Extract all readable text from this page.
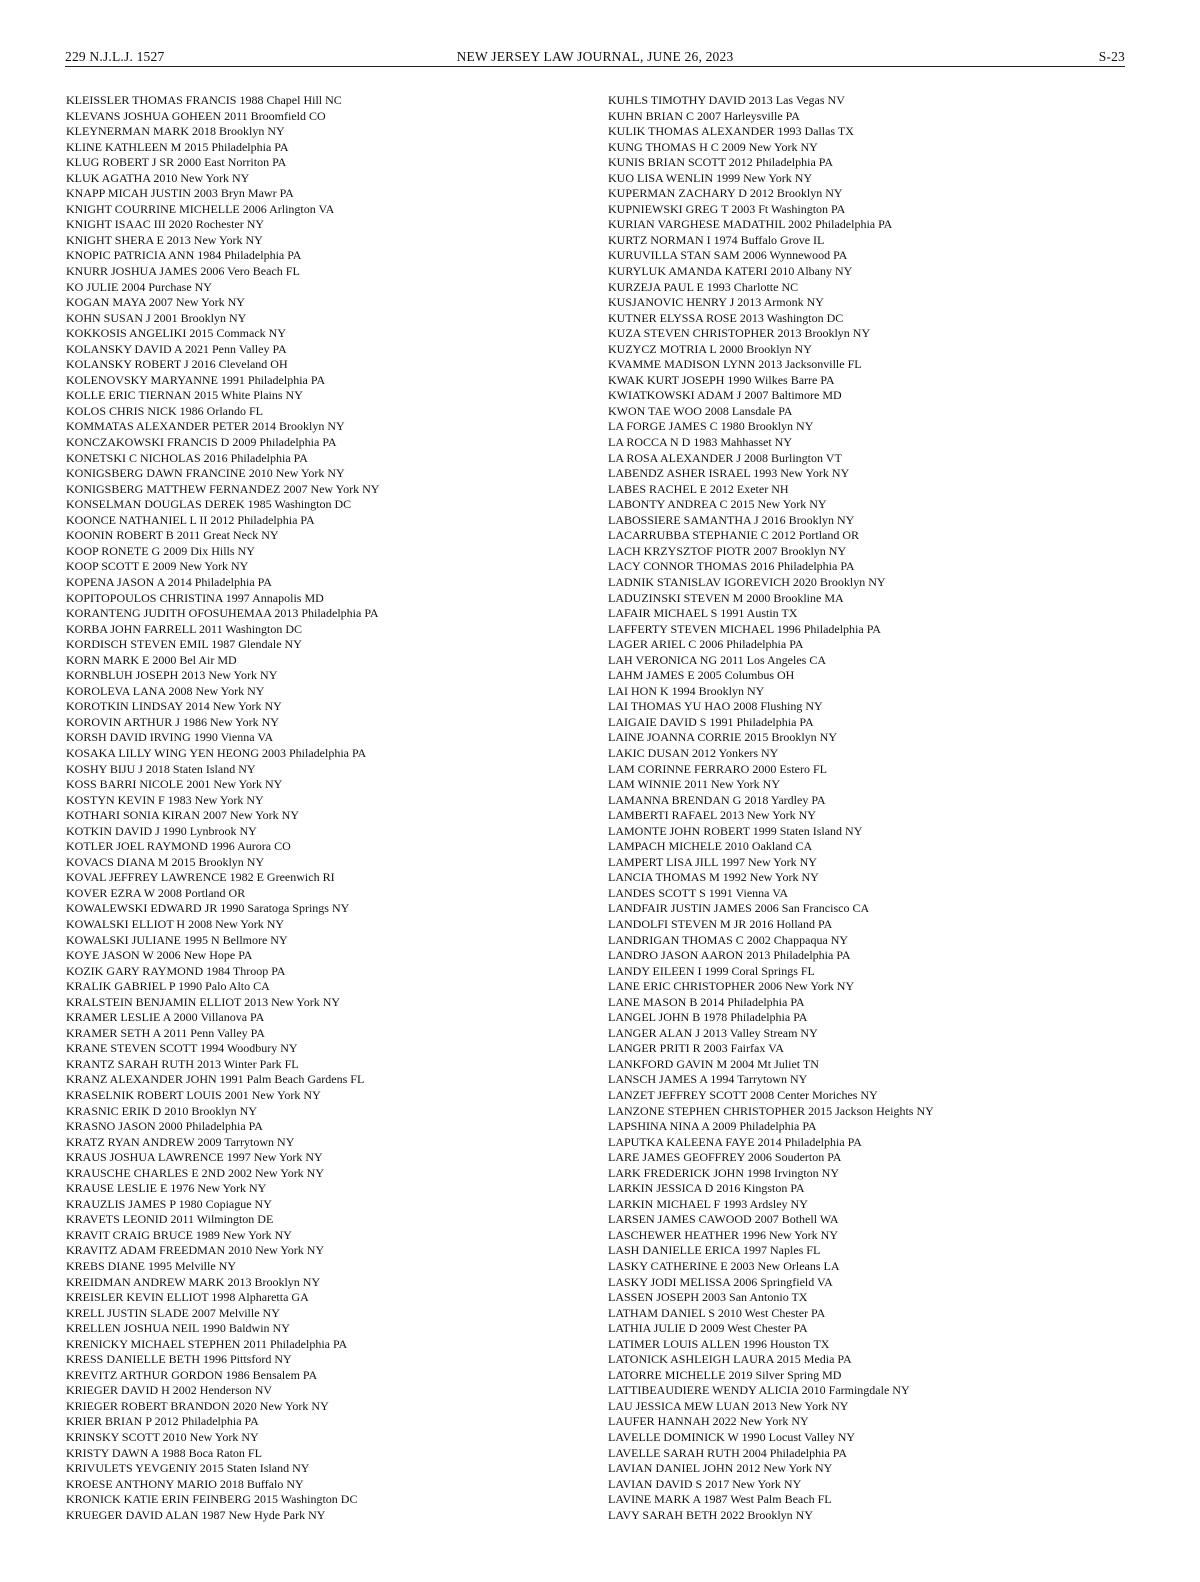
229 N.J.L.J. 1527	NEW JERSEY LAW JOURNAL, JUNE 26, 2023	S-23
KLEISSLER THOMAS FRANCIS 1988 Chapel Hill NC
KLEVANS JOSHUA GOHEEN 2011 Broomfield CO
KLEYNERMAN MARK 2018 Brooklyn NY
KLINE KATHLEEN M 2015 Philadelphia PA
KLUG ROBERT J SR 2000 East Norriton PA
KLUK AGATHA 2010 New York NY
KNAPP MICAH JUSTIN 2003 Bryn Mawr PA
KNIGHT COURRINE MICHELLE 2006 Arlington VA
KNIGHT ISAAC III 2020 Rochester NY
KNIGHT SHERA E 2013 New York NY
KNOPIC PATRICIA ANN 1984 Philadelphia PA
KNURR JOSHUA JAMES 2006 Vero Beach FL
KO JULIE 2004 Purchase NY
KOGAN MAYA 2007 New York NY
KOHN SUSAN J 2001 Brooklyn NY
KOKKOSIS ANGELIKI 2015 Commack NY
KOLANSKY DAVID A 2021 Penn Valley PA
KOLANSKY ROBERT J 2016 Cleveland OH
KOLENOVSKY MARYANNE 1991 Philadelphia PA
KOLLE ERIC TIERNAN 2015 White Plains NY
KOLOS CHRIS NICK 1986 Orlando FL
KOMMATAS ALEXANDER PETER 2014 Brooklyn NY
KONCZAKOWSKI FRANCIS D 2009 Philadelphia PA
KONETSKI C NICHOLAS 2016 Philadelphia PA
KONIGSBERG DAWN FRANCINE 2010 New York NY
KONIGSBERG MATTHEW FERNANDEZ 2007 New York NY
KONSELMAN DOUGLAS DEREK 1985 Washington DC
KOONCE NATHANIEL L II 2012 Philadelphia PA
KOONIN ROBERT B 2011 Great Neck NY
KOOP RONETE G 2009 Dix Hills NY
KOOP SCOTT E 2009 New York NY
KOPENA JASON A 2014 Philadelphia PA
KOPITOPOULOS CHRISTINA 1997 Annapolis MD
KORANTENG JUDITH OFOSUHEMAA 2013 Philadelphia PA
KORBA JOHN FARRELL 2011 Washington DC
KORDISCH STEVEN EMIL 1987 Glendale NY
KORN MARK E 2000 Bel Air MD
KORNBLUH JOSEPH 2013 New York NY
KOROLEVA LANA 2008 New York NY
KOROTKIN LINDSAY 2014 New York NY
KOROVIN ARTHUR J 1986 New York NY
KORSH DAVID IRVING 1990 Vienna VA
KOSAKA LILLY WING YEN HEONG 2003 Philadelphia PA
KOSHY BIJU J 2018 Staten Island NY
KOSS BARRI NICOLE 2001 New York NY
KOSTYN KEVIN F 1983 New York NY
KOTHARI SONIA KIRAN 2007 New York NY
KOTKIN DAVID J 1990 Lynbrook NY
KOTLER JOEL RAYMOND 1996 Aurora CO
KOVACS DIANA M 2015 Brooklyn NY
KOVAL JEFFREY LAWRENCE 1982 E Greenwich RI
KOVER EZRA W 2008 Portland OR
KOWALEWSKI EDWARD JR 1990 Saratoga Springs NY
KOWALSKI ELLIOT H 2008 New York NY
KOWALSKI JULIANE 1995 N Bellmore NY
KOYE JASON W 2006 New Hope PA
KOZIK GARY RAYMOND 1984 Throop PA
KRALIK GABRIEL P 1990 Palo Alto CA
KRALSTEIN BENJAMIN ELLIOT 2013 New York NY
KRAMER LESLIE A 2000 Villanova PA
KRAMER SETH A 2011 Penn Valley PA
KRANE STEVEN SCOTT 1994 Woodbury NY
KRANTZ SARAH RUTH 2013 Winter Park FL
KRANZ ALEXANDER JOHN 1991 Palm Beach Gardens FL
KRASELNIK ROBERT LOUIS 2001 New York NY
KRASNIC ERIK D 2010 Brooklyn NY
KRASNO JASON 2000 Philadelphia PA
KRATZ RYAN ANDREW 2009 Tarrytown NY
KRAUS JOSHUA LAWRENCE 1997 New York NY
KRAUSCHE CHARLES E 2ND 2002 New York NY
KRAUSE LESLIE E 1976 New York NY
KRAUZLIS JAMES P 1980 Copiague NY
KRAVETS LEONID 2011 Wilmington DE
KRAVIT CRAIG BRUCE 1989 New York NY
KRAVITZ ADAM FREEDMAN 2010 New York NY
KREBS DIANE 1995 Melville NY
KREIDMAN ANDREW MARK 2013 Brooklyn NY
KREISLER KEVIN ELLIOT 1998 Alpharetta GA
KRELL JUSTIN SLADE 2007 Melville NY
KRELLEN JOSHUA NEIL 1990 Baldwin NY
KRENICKY MICHAEL STEPHEN 2011 Philadelphia PA
KRESS DANIELLE BETH 1996 Pittsford NY
KREVITZ ARTHUR GORDON 1986 Bensalem PA
KRIEGER DAVID H 2002 Henderson NV
KRIEGER ROBERT BRANDON 2020 New York NY
KRIER BRIAN P 2012 Philadelphia PA
KRINSKY SCOTT 2010 New York NY
KRISTY DAWN A 1988 Boca Raton FL
KRIVULETS YEVGENIY 2015 Staten Island NY
KROESE ANTHONY MARIO 2018 Buffalo NY
KRONICK KATIE ERIN FEINBERG 2015 Washington DC
KRUEGER DAVID ALAN 1987 New Hyde Park NY
KUHLS TIMOTHY DAVID 2013 Las Vegas NV
KUHN BRIAN C 2007 Harleysville PA
KULIK THOMAS ALEXANDER 1993 Dallas TX
KUNG THOMAS H C 2009 New York NY
KUNIS BRIAN SCOTT 2012 Philadelphia PA
KUO LISA WENLIN 1999 New York NY
KUPERMAN ZACHARY D 2012 Brooklyn NY
KUPNIEWSKI GREG T 2003 Ft Washington PA
KURIAN VARGHESE MADATHIL 2002 Philadelphia PA
KURTZ NORMAN I 1974 Buffalo Grove IL
KURUVILLA STAN SAM 2006 Wynnewood PA
KURYLUK AMANDA KATERI 2010 Albany NY
KURZEJA PAUL E 1993 Charlotte NC
KUSJANOVIC HENRY J 2013 Armonk NY
KUTNER ELYSSA ROSE 2013 Washington DC
KUZA STEVEN CHRISTOPHER 2013 Brooklyn NY
KUZYCZ MOTRIA L 2000 Brooklyn NY
KVAMME MADISON LYNN 2013 Jacksonville FL
KWAK KURT JOSEPH 1990 Wilkes Barre PA
KWIATKOWSKI ADAM J 2007 Baltimore MD
KWON TAE WOO 2008 Lansdale PA
LA FORGE JAMES C 1980 Brooklyn NY
LA ROCCA N D 1983 Mahhasset NY
LA ROSA ALEXANDER J 2008 Burlington VT
LABENDZ ASHER ISRAEL 1993 New York NY
LABES RACHEL E 2012 Exeter NH
LABONTY ANDREA C 2015 New York NY
LABOSSIERE SAMANTHA J 2016 Brooklyn NY
LACARRUBBA STEPHANIE C 2012 Portland OR
LACH KRZYSZTOF PIOTR 2007 Brooklyn NY
LACY CONNOR THOMAS 2016 Philadelphia PA
LADNIK STANISLAV IGOREVICH 2020 Brooklyn NY
LADUZINSKI STEVEN M 2000 Brookline MA
LAFAIR MICHAEL S 1991 Austin TX
LAFFERTY STEVEN MICHAEL 1996 Philadelphia PA
LAGER ARIEL C 2006 Philadelphia PA
LAH VERONICA NG 2011 Los Angeles CA
LAHM JAMES E 2005 Columbus OH
LAI HON K 1994 Brooklyn NY
LAI THOMAS YU HAO 2008 Flushing NY
LAIGAIE DAVID S 1991 Philadelphia PA
LAINE JOANNA CORRIE 2015 Brooklyn NY
LAKIC DUSAN 2012 Yonkers NY
LAM CORINNE FERRARO 2000 Estero FL
LAM WINNIE 2011 New York NY
LAMANNA BRENDAN G 2018 Yardley PA
LAMBERTI RAFAEL 2013 New York NY
LAMONTE JOHN ROBERT 1999 Staten Island NY
LAMPACH MICHELE 2010 Oakland CA
LAMPERT LISA JILL 1997 New York NY
LANCIA THOMAS M 1992 New York NY
LANDES SCOTT S 1991 Vienna VA
LANDFAIR JUSTIN JAMES 2006 San Francisco CA
LANDOLFI STEVEN M JR 2016 Holland PA
LANDRIGAN THOMAS C 2002 Chappaqua NY
LANDRO JASON AARON 2013 Philadelphia PA
LANDY EILEEN I 1999 Coral Springs FL
LANE ERIC CHRISTOPHER 2006 New York NY
LANE MASON B 2014 Philadelphia PA
LANGEL JOHN B 1978 Philadelphia PA
LANGER ALAN J 2013 Valley Stream NY
LANGER PRITI R 2003 Fairfax VA
LANKFORD GAVIN M 2004 Mt Juliet TN
LANSCH JAMES A 1994 Tarrytown NY
LANZET JEFFREY SCOTT 2008 Center Moriches NY
LANZONE STEPHEN CHRISTOPHER 2015 Jackson Heights NY
LAPSHINA NINA A 2009 Philadelphia PA
LAPUTKA KALEENA FAYE 2014 Philadelphia PA
LARE JAMES GEOFFREY 2006 Souderton PA
LARK FREDERICK JOHN 1998 Irvington NY
LARKIN JESSICA D 2016 Kingston PA
LARKIN MICHAEL F 1993 Ardsley NY
LARSEN JAMES CAWOOD 2007 Bothell WA
LASCHEWER HEATHER 1996 New York NY
LASH DANIELLE ERICA 1997 Naples FL
LASKY CATHERINE E 2003 New Orleans LA
LASKY JODI MELISSA 2006 Springfield VA
LASSEN JOSEPH 2003 San Antonio TX
LATHAM DANIEL S 2010 West Chester PA
LATHIA JULIE D 2009 West Chester PA
LATIMER LOUIS ALLEN 1996 Houston TX
LATONICK ASHLEIGH LAURA 2015 Media PA
LATORRE MICHELLE 2019 Silver Spring MD
LATTIBEAUDIERE WENDY ALICIA 2010 Farmingdale NY
LAU JESSICA MEW LUAN 2013 New York NY
LAUFER HANNAH 2022 New York NY
LAVELLE DOMINICK W 1990 Locust Valley NY
LAVELLE SARAH RUTH 2004 Philadelphia PA
LAVIAN DANIEL JOHN 2012 New York NY
LAVIAN DAVID S 2017 New York NY
LAVINE MARK A 1987 West Palm Beach FL
LAVY SARAH BETH 2022 Brooklyn NY
